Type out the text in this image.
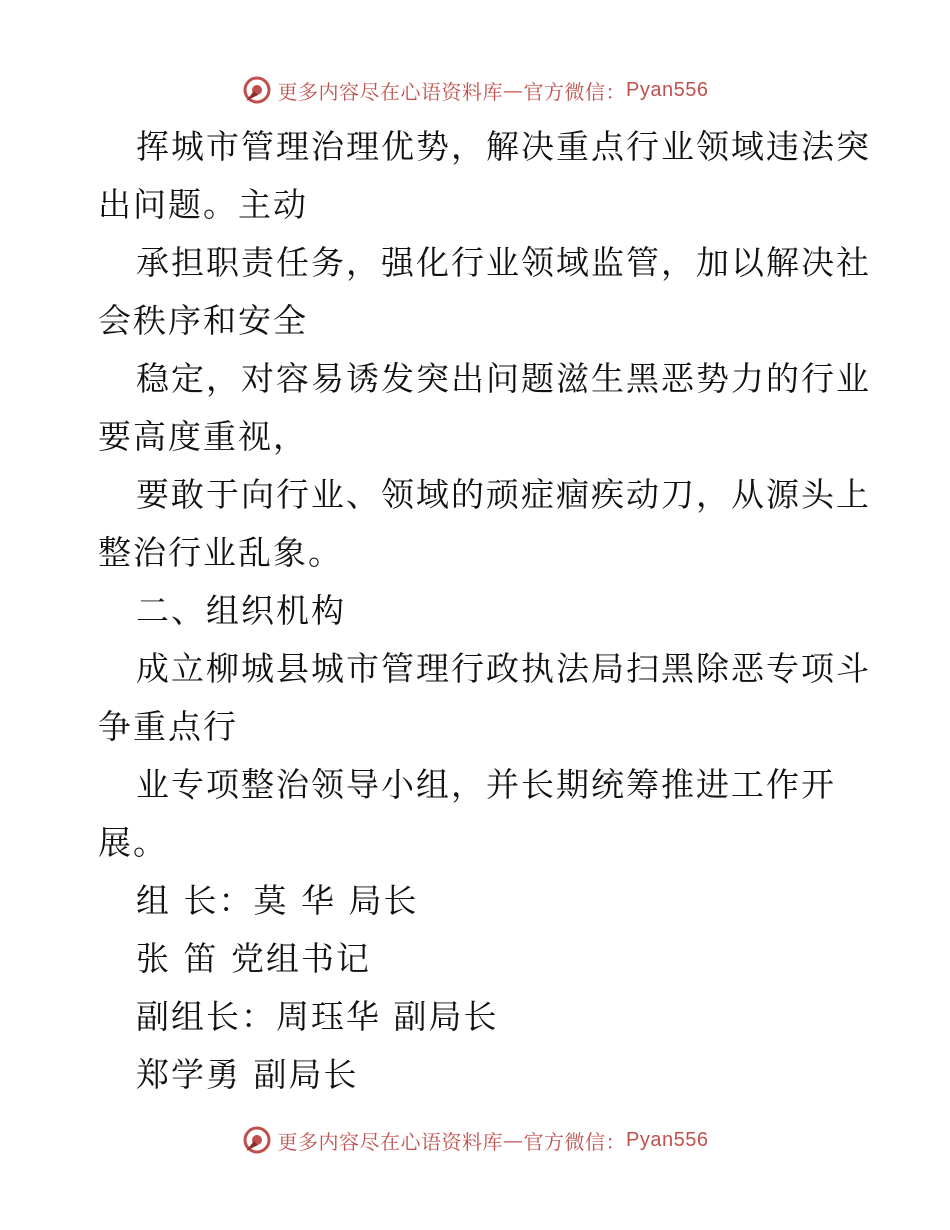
更多内容尽在心语资料库 — 官方微信： Pyan556
挥城市管理治理优势，解决重点行业领域违法突
出问题。主动
承担职责任务，强化行业领域监管，加以解决社
会秩序和安全
稳定，对容易诱发突出问题滋生黑恶势力的行业
要高度重视，
要敢于向行业、领域的顽症痼疾动刀，从源头上
整治行业乱象。
二、组织机构
成立柳城县城市管理行政执法局扫黑除恶专项斗
争重点行
业专项整治领导小组，并长期统筹推进工作开
展。
组 长：莫 华 局长
张 笛 党组书记
副组长：周珏华 副局长
郑学勇 副局长
更多内容尽在心语资料库 — 官方微信： Pyan556
